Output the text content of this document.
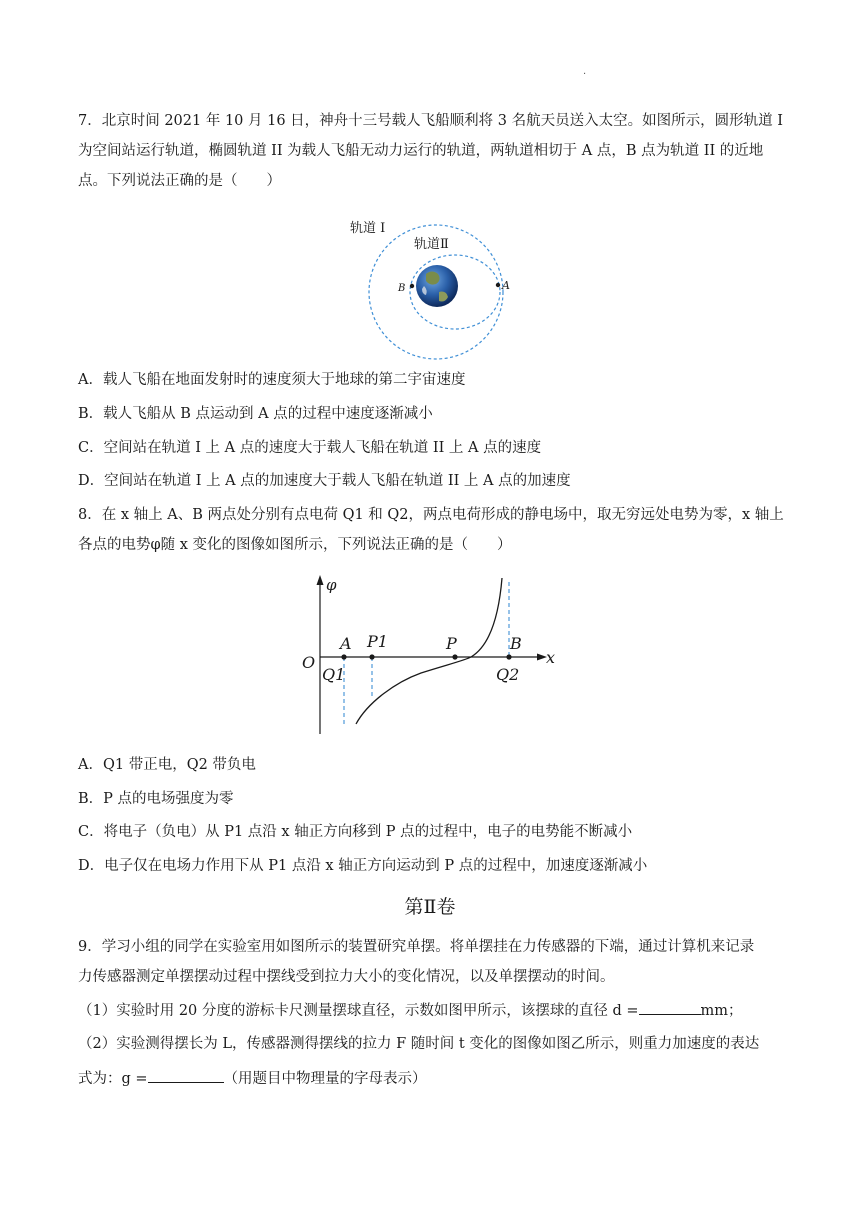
.
7．北京时间 2021 年 10 月 16 日，神舟十三号载人飞船顺利将 3 名航天员送入太空。如图所示，圆形轨道 I
为空间站运行轨道，椭圆轨道 II 为载人飞船无动力运行的轨道，两轨道相切于 A 点，B 点为轨道 II 的近地
点。下列说法正确的是（　　）
轨道 I
轨道Ⅱ
A
B
A．载人飞船在地面发射时的速度须大于地球的第二宇宙速度
B．载人飞船从 B 点运动到 A 点的过程中速度逐渐减小
C．空间站在轨道 I 上 A 点的速度大于载人飞船在轨道 II 上 A 点的速度
D．空间站在轨道 I 上 A 点的加速度大于载人飞船在轨道 II 上 A 点的加速度
8．在 x 轴上 A、B 两点处分别有点电荷 Q1 和 Q2，两点电荷形成的静电场中，取无穷远处电势为零，x 轴上
各点的电势φ随 x 变化的图像如图所示，下列说法正确的是（　　）
φ
x
O
A P1	P	B
Q1	Q2
A．Q1 带正电，Q2 带负电
B．P 点的电场强度为零
C．将电子（负电）从 P1 点沿 x 轴正方向移到 P 点的过程中，电子的电势能不断减小
D．电子仅在电场力作用下从 P1 点沿 x 轴正方向运动到 P 点的过程中，加速度逐渐减小
第Ⅱ卷
9．学习小组的同学在实验室用如图所示的装置研究单摆。将单摆挂在力传感器的下端，通过计算机来记录
力传感器测定单摆摆动过程中摆线受到拉力大小的变化情况，以及单摆摆动的时间。
（1）实验时用 20 分度的游标卡尺测量摆球直径，示数如图甲所示，该摆球的直径 d =	mm；
（2）实验测得摆长为 L，传感器测得摆线的拉力 F 随时间 t 变化的图像如图乙所示，则重力加速度的表达
式为：g =	（用题目中物理量的字母表示）
